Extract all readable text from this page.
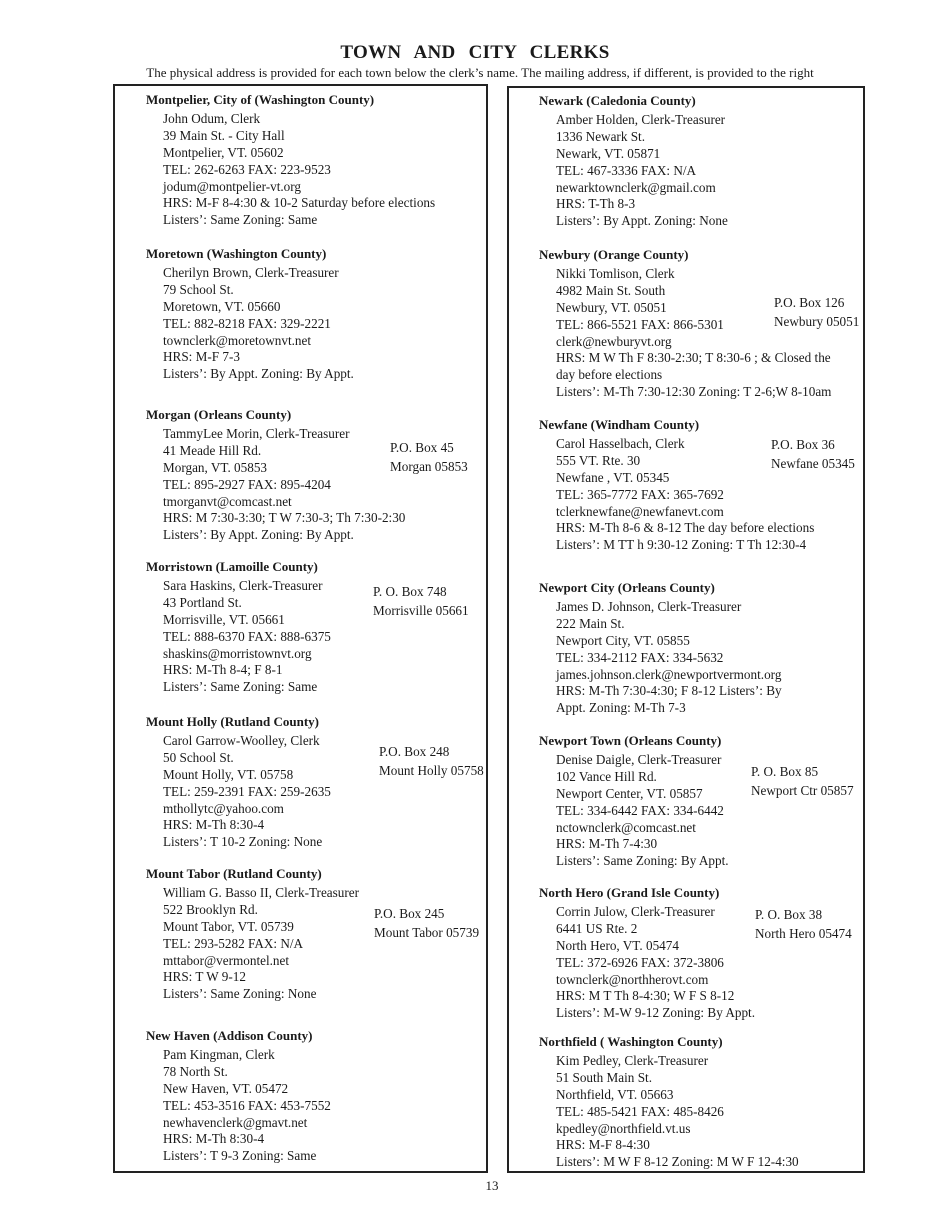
TOWN AND CITY CLERKS
The physical address is provided for each town below the clerk’s name. The mailing address, if different, is provided to the right
Montpelier, City of (Washington County)
John Odum, Clerk
39 Main St. - City Hall
Montpelier, VT. 05602
TEL: 262-6263 FAX: 223-9523
jodum@montpelier-vt.org
HRS: M-F 8-4:30 & 10-2 Saturday before elections
Listers’: Same Zoning: Same
Moretown (Washington County)
Cherilyn Brown, Clerk-Treasurer
79 School St.
Moretown, VT. 05660
TEL: 882-8218 FAX: 329-2221
townclerk@moretownvt.net
HRS: M-F 7-3
Listers’: By Appt. Zoning: By Appt.
Morgan (Orleans County)
TammyLee Morin, Clerk-Treasurer
41 Meade Hill Rd.
Morgan, VT. 05853
TEL: 895-2927 FAX: 895-4204
tmorganvt@comcast.net
HRS: M 7:30-3:30; T W 7:30-3; Th 7:30-2:30
Listers’: By Appt. Zoning: By Appt.
P.O. Box 45
Morgan 05853
Morristown (Lamoille County)
Sara Haskins, Clerk-Treasurer
43 Portland St.
Morrisville, VT. 05661
TEL: 888-6370 FAX: 888-6375
shaskins@morristownvt.org
HRS: M-Th 8-4; F 8-1
Listers’: Same Zoning: Same
P. O. Box 748
Morrisville 05661
Mount Holly (Rutland County)
Carol Garrow-Woolley, Clerk
50 School St.
Mount Holly, VT. 05758
TEL: 259-2391 FAX: 259-2635
mthollytc@yahoo.com
HRS: M-Th 8:30-4
Listers’: T 10-2 Zoning: None
P.O. Box 248
Mount Holly 05758
Mount Tabor (Rutland County)
William G. Basso II, Clerk-Treasurer
522 Brooklyn Rd.
Mount Tabor, VT. 05739
TEL: 293-5282 FAX: N/A
mttabor@vermontel.net
HRS: T W 9-12
Listers’: Same Zoning: None
P.O. Box 245
Mount Tabor 05739
New Haven (Addison County)
Pam Kingman, Clerk
78 North St.
New Haven, VT. 05472
TEL: 453-3516 FAX: 453-7552
newhavenclerk@gmavt.net
HRS: M-Th 8:30-4
Listers’: T 9-3 Zoning: Same
Newark (Caledonia County)
Amber Holden, Clerk-Treasurer
1336 Newark St.
Newark, VT. 05871
TEL: 467-3336 FAX: N/A
newarktownclerk@gmail.com
HRS: T-Th 8-3
Listers’: By Appt. Zoning: None
Newbury (Orange County)
Nikki Tomlison, Clerk
4982 Main St. South
Newbury, VT. 05051
TEL: 866-5521 FAX: 866-5301
clerk@newburyvt.org
HRS: M W Th F 8:30-2:30; T 8:30-6 ; & Closed the
day before elections
Listers’: M-Th 7:30-12:30 Zoning: T 2-6;W 8-10am
P.O. Box 126
Newbury 05051
Newfane (Windham County)
Carol Hasselbach, Clerk
555 VT. Rte. 30
Newfane , VT. 05345
TEL: 365-7772 FAX: 365-7692
tclerknewfane@newfanevt.com
HRS: M-Th 8-6 & 8-12 The day before elections
Listers’: M TT h 9:30-12 Zoning: T Th 12:30-4
P.O. Box 36
Newfane 05345
Newport City (Orleans County)
James D. Johnson, Clerk-Treasurer
222 Main St.
Newport City, VT. 05855
TEL: 334-2112 FAX: 334-5632
james.johnson.clerk@newportvermont.org
HRS: M-Th 7:30-4:30; F 8-12 Listers’: By
Appt. Zoning: M-Th 7-3
Newport Town (Orleans County)
Denise Daigle, Clerk-Treasurer
102 Vance Hill Rd.
Newport Center, VT. 05857
TEL: 334-6442 FAX: 334-6442
nctownclerk@comcast.net
HRS: M-Th 7-4:30
Listers’: Same Zoning: By Appt.
P. O. Box 85
Newport Ctr 05857
North Hero (Grand Isle County)
Corrin Julow, Clerk-Treasurer
6441 US Rte. 2
North Hero, VT. 05474
TEL: 372-6926 FAX: 372-3806
townclerk@northherovt.com
HRS: M T Th 8-4:30; W F S 8-12
Listers’: M-W 9-12 Zoning: By Appt.
P. O. Box 38
North Hero 05474
Northfield ( Washington County)
Kim Pedley, Clerk-Treasurer
51 South Main St.
Northfield, VT. 05663
TEL: 485-5421 FAX: 485-8426
kpedley@northfield.vt.us
HRS: M-F 8-4:30
Listers’: M W F 8-12 Zoning: M W F 12-4:30
13
